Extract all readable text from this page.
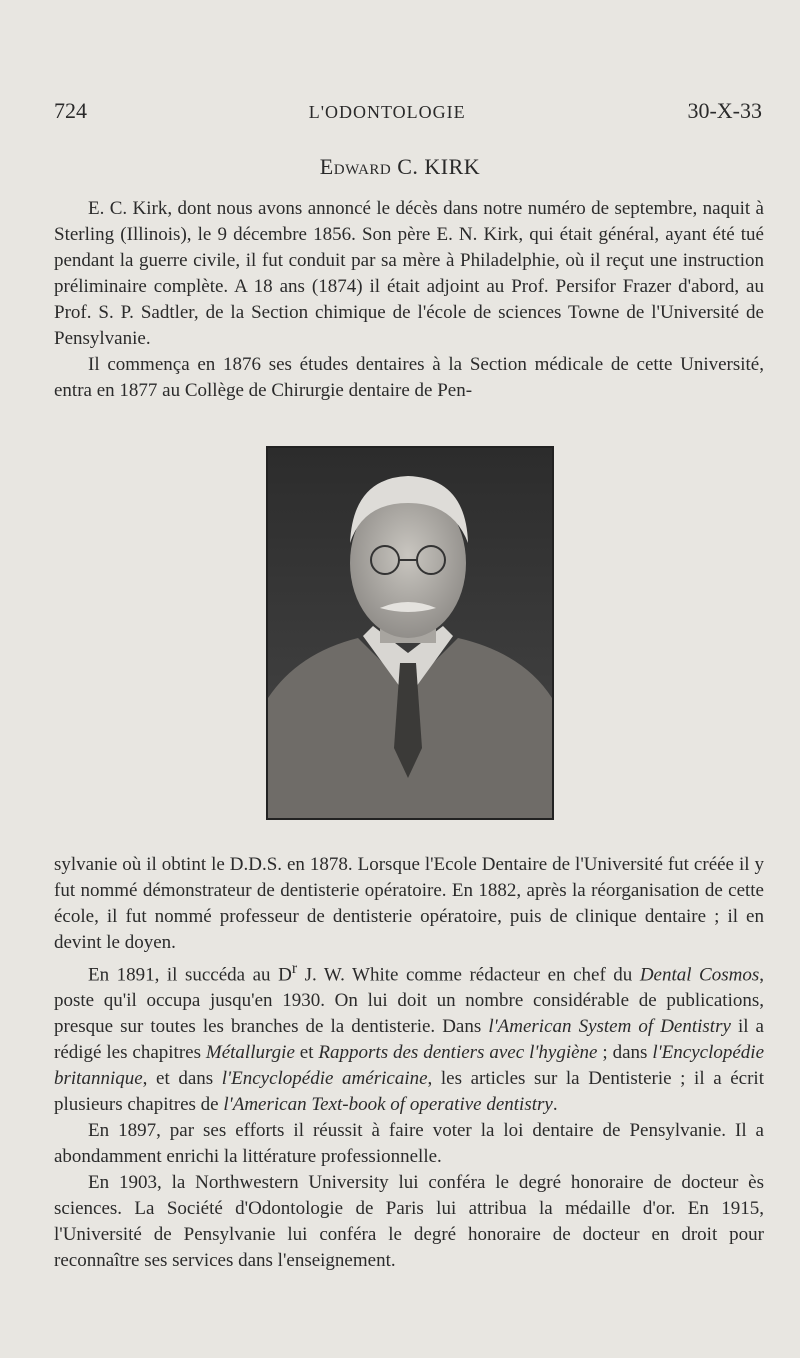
724	L'ODONTOLOGIE	30-X-33
Edward C. KIRK

E. C. Kirk, dont nous avons annoncé le décès dans notre numéro de septembre, naquit à Sterling (Illinois), le 9 décembre 1856. Son père E. N. Kirk, qui était général, ayant été tué pendant la guerre civile, il fut conduit par sa mère à Philadelphie, où il reçut une instruction préliminaire complète. A 18 ans (1874) il était adjoint au Prof. Persifor Frazer d'abord, au Prof. S. P. Sadtler, de la Section chimique de l'école de sciences Towne de l'Université de Pensylvanie.

Il commença en 1876 ses études dentaires à la Section médicale de cette Université, entra en 1877 au Collège de Chirurgie dentaire de Pen-

sylvanie où il obtint le D.D.S. en 1878. Lorsque l'Ecole Dentaire de l'Université fut créée il y fut nommé démonstrateur de dentisterie opératoire. En 1882, après la réorganisation de cette école, il fut nommé professeur de dentisterie opératoire, puis de clinique dentaire ; il en devint le doyen.

En 1891, il succéda au $D^r$ J. W. White comme rédacteur en chef du Dental Cosmos, poste qu'il occupa jusqu'en 1930. On lui doit un nombre considérable de publications, presque sur toutes les branches de la dentisterie. Dans l'American System of Dentistry il a rédigé les chapitres Métallurgie et Rapports des dentiers avec l'hygiène ; dans l'Encyclopédie britannique, et dans l'Encyclopédie américaine, les articles sur la Dentisterie ; il a écrit plusieurs chapitres de l'American Text-book of operative dentistry.

En 1897, par ses efforts il réussit à faire voter la loi dentaire de Pensylvanie. Il a abondamment enrichi la littérature professionnelle.

En 1903, la Northwestern University lui conféra le degré honoraire de docteur ès sciences. La Société d'Odontologie de Paris lui attribua la médaille d'or. En 1915, l'Université de Pensylvanie lui conféra le degré honoraire de docteur en droit pour reconnaître ses services dans l'enseignement.
